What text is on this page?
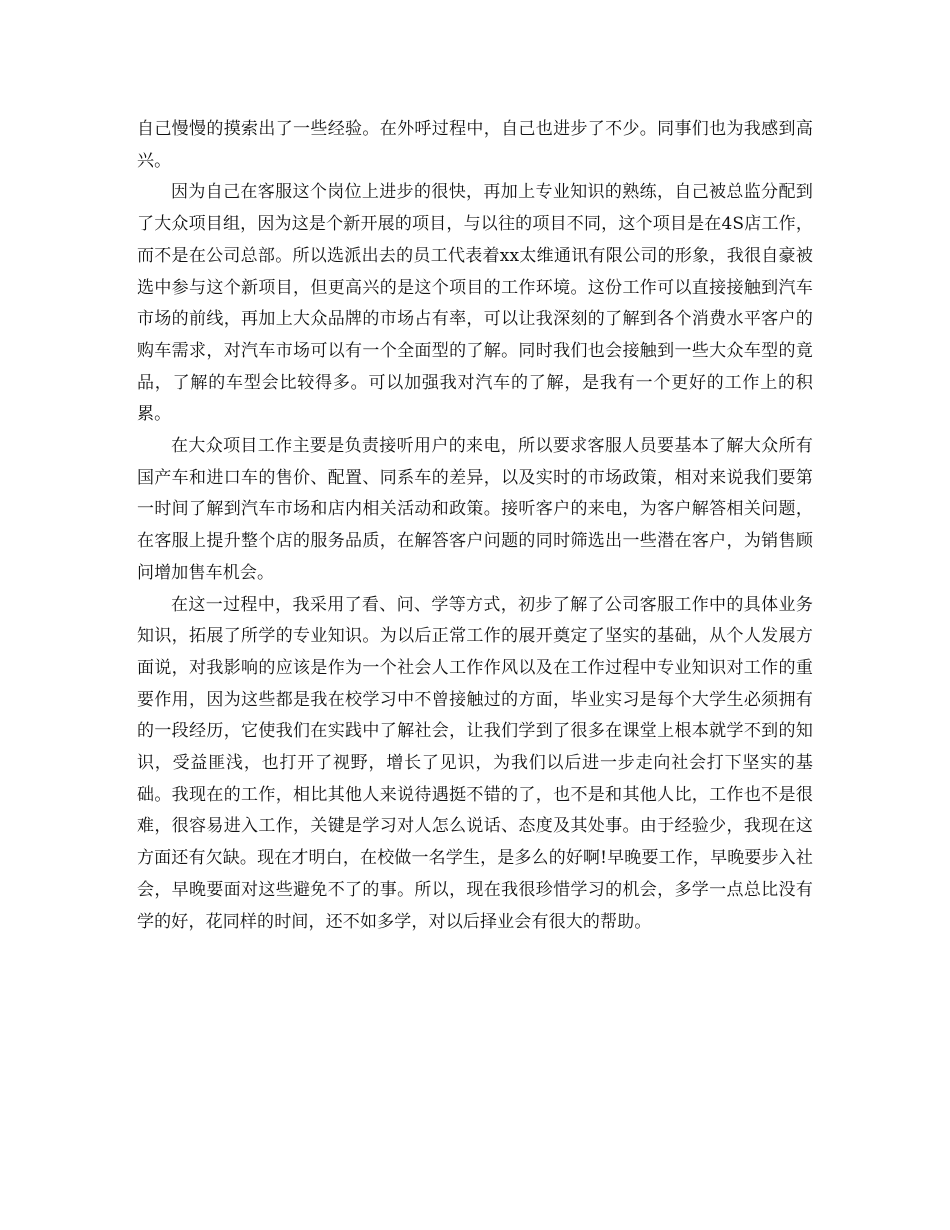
自己慢慢的摸索出了一些经验。在外呼过程中，自己也进步了不少。同事们也为我感到高兴。

因为自己在客服这个岗位上进步的很快，再加上专业知识的熟练，自己被总监分配到了大众项目组，因为这是个新开展的项目，与以往的项目不同，这个项目是在4S店工作，而不是在公司总部。所以选派出去的员工代表着xx太维通讯有限公司的形象，我很自豪被选中参与这个新项目，但更高兴的是这个项目的工作环境。这份工作可以直接接触到汽车市场的前线，再加上大众品牌的市场占有率，可以让我深刻的了解到各个消费水平客户的购车需求，对汽车市场可以有一个全面型的了解。同时我们也会接触到一些大众车型的竟品，了解的车型会比较得多。可以加强我对汽车的了解，是我有一个更好的工作上的积累。

在大众项目工作主要是负责接听用户的来电，所以要求客服人员要基本了解大众所有国产车和进口车的售价、配置、同系车的差异，以及实时的市场政策，相对来说我们要第一时间了解到汽车市场和店内相关活动和政策。接听客户的来电，为客户解答相关问题，在客服上提升整个店的服务品质，在解答客户问题的同时筛选出一些潜在客户，为销售顾问增加售车机会。

在这一过程中，我采用了看、问、学等方式，初步了解了公司客服工作中的具体业务知识，拓展了所学的专业知识。为以后正常工作的展开奠定了坚实的基础，从个人发展方面说，对我影响的应该是作为一个社会人工作作风以及在工作过程中专业知识对工作的重要作用，因为这些都是我在校学习中不曾接触过的方面，毕业实习是每个大学生必须拥有的一段经历，它使我们在实践中了解社会，让我们学到了很多在课堂上根本就学不到的知识，受益匪浅，也打开了视野，增长了见识，为我们以后进一步走向社会打下坚实的基础。我现在的工作，相比其他人来说待遇挺不错的了，也不是和其他人比，工作也不是很难，很容易进入工作，关键是学习对人怎么说话、态度及其处事。由于经验少，我现在这方面还有欠缺。现在才明白，在校做一名学生，是多么的好啊!早晚要工作，早晚要步入社会，早晚要面对这些避免不了的事。所以，现在我很珍惜学习的机会，多学一点总比没有学的好，花同样的时间，还不如多学，对以后择业会有很大的帮助。
